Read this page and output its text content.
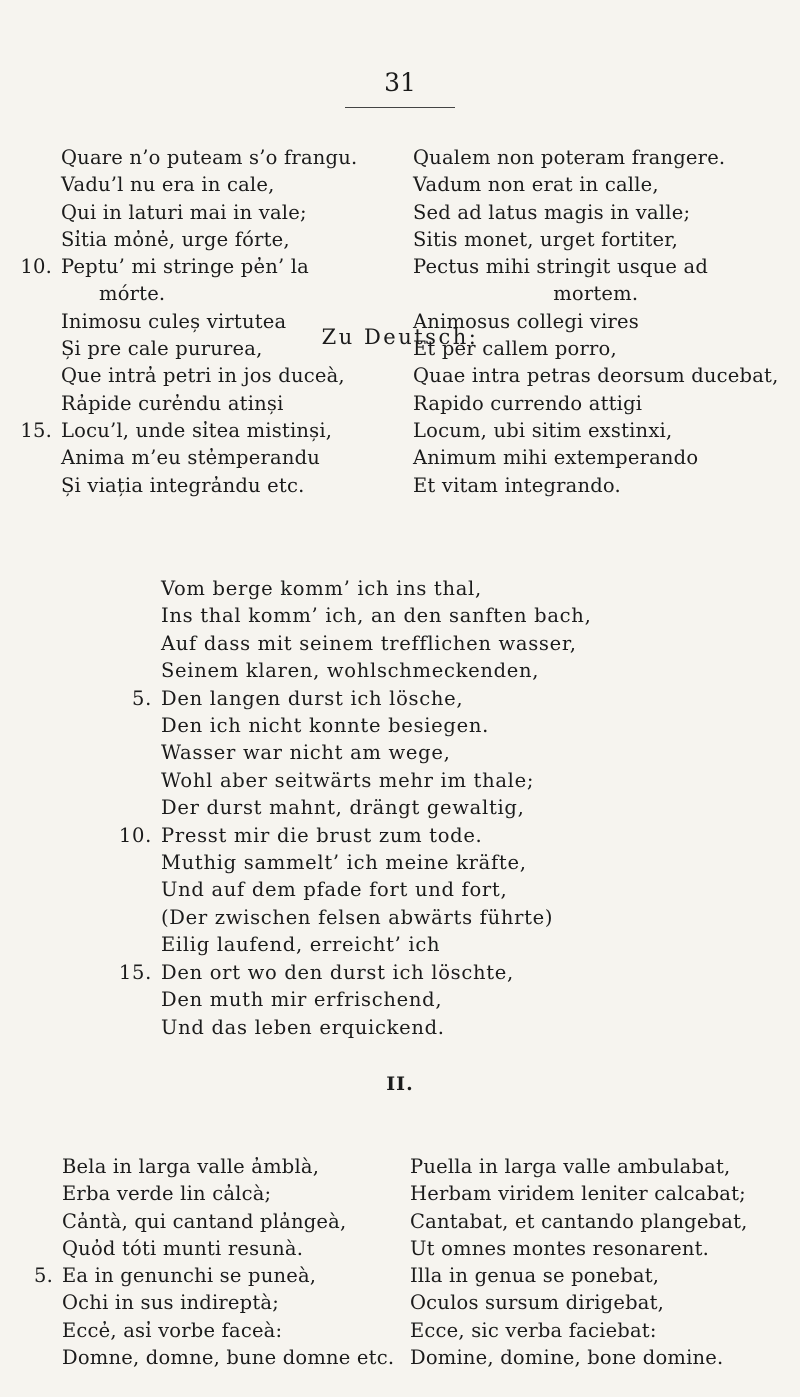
31
Quare n’o puteam s’o frangu.
Vadu’l nu era in cale,
Qui in laturi mai in vale;
Sı̓tia mo̓ne̓, urge fórte,
10. Peptu’ mi stringe pe̓n’ la
mórte.
Inimosu culeș virtutea
Și pre cale pururea,
Que intra̓ petri in jos duceà,
Ra̓pide cure̓ndu atinși
15. Locu’l, unde sı̓tea mistinși,
Anima m’eu ste̓mperandu
Și viația integra̓ndu etc.
Qualem non poteram frangere.
Vadum non erat in calle,
Sed ad latus magis in valle;
Sitis monet, urget fortiter,
Pectus mihi stringit usque ad
mortem.
Animosus collegi vires
Et per callem porro,
Quae intra petras deorsum ducebat,
Rapido currendo attigi
Locum, ubi sitim exstinxi,
Animum mihi extemperando
Et vitam integrando.
Zu Deutsch:
Vom berge komm’ ich ins thal,
Ins thal komm’ ich, an den sanften bach,
Auf dass mit seinem trefflichen wasser,
Seinem klaren, wohlschmeckenden,
5. Den langen durst ich lösche,
Den ich nicht konnte besiegen.
Wasser war nicht am wege,
Wohl aber seitwärts mehr im thale;
Der durst mahnt, drängt gewaltig,
10. Presst mir die brust zum tode.
Muthig sammelt’ ich meine kräfte,
Und auf dem pfade fort und fort,
(Der zwischen felsen abwärts führte)
Eilig laufend, erreicht’ ich
15. Den ort wo den durst ich löschte,
Den muth mir erfrischend,
Und das leben erquickend.
II.
Bela in larga valle a̓mblà,
Erba verde lin ca̓lcà;
Ca̓ntà, qui cantand pla̓ngeà,
Quo̓d tóti munti resunà.
5. Ea in genunchi se puneà,
Ochi in sus indireptà;
Ecce̓, ası̓ vorbe faceà:
Domne, domne, bune domne etc.
Puella in larga valle ambulabat,
Herbam viridem leniter calcabat;
Cantabat, et cantando plangebat,
Ut omnes montes resonarent.
Illa in genua se ponebat,
Oculos sursum dirigebat,
Ecce, sic verba faciebat:
Domine, domine, bone domine.
